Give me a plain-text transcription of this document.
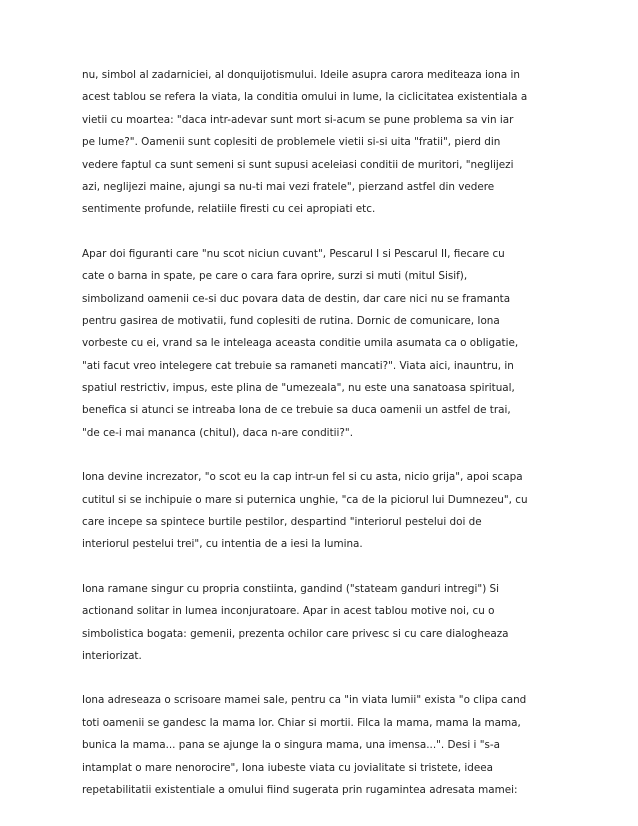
nu, simbol al zadarniciei, al donquijotismului. Ideile asupra carora mediteaza iona in
acest tablou se refera la viata, la conditia omului in lume, la ciclicitatea existentiala a
vietii cu moartea: "daca intr-adevar sunt mort si-acum se pune problema sa vin iar
pe lume?". Oamenii sunt coplesiti de problemele vietii si-si uita "fratii", pierd din
vedere faptul ca sunt semeni si sunt supusi aceleiasi conditii de muritori, "neglijezi
azi, neglijezi maine, ajungi sa nu-ti mai vezi fratele", pierzand astfel din vedere
sentimente profunde, relatiile firesti cu cei apropiati etc.

Apar doi figuranti care "nu scot niciun cuvant", Pescarul I si Pescarul II, fiecare cu
cate o barna in spate, pe care o cara fara oprire, surzi si muti (mitul Sisif),
simbolizand oamenii ce-si duc povara data de destin, dar care nici nu se framanta
pentru gasirea de motivatii, fund coplesiti de rutina. Dornic de comunicare, Iona
vorbeste cu ei, vrand sa le inteleaga aceasta conditie umila asumata ca o obligatie,
"ati facut vreo intelegere cat trebuie sa ramaneti mancati?". Viata aici, inauntru, in
spatiul restrictiv, impus, este plina de "umezeala", nu este una sanatoasa spiritual,
benefica si atunci se intreaba Iona de ce trebuie sa duca oamenii un astfel de trai,
"de ce-i mai mananca (chitul), daca n-are conditii?".

Iona devine increzator, "o scot eu la cap intr-un fel si cu asta, nicio grija", apoi scapa
cutitul si se inchipuie o mare si puternica unghie, "ca de la piciorul lui Dumnezeu", cu
care incepe sa spintece burtile pestilor, despartind "interiorul pestelui doi de
interiorul pestelui trei", cu intentia de a iesi la lumina.

Iona ramane singur cu propria constiinta, gandind ("stateam ganduri intregi") Si
actionand solitar in lumea inconjuratoare. Apar in acest tablou motive noi, cu o
simbolistica bogata: gemenii, prezenta ochilor care privesc si cu care dialogheaza
interiorizat.

Iona adreseaza o scrisoare mamei sale, pentru ca "in viata lumii" exista "o clipa cand
toti oamenii se gandesc la mama lor. Chiar si mortii. Filca la mama, mama la mama,
bunica la mama... pana se ajunge la o singura mama, una imensa...". Desi i "s-a
intamplat o mare nenorocire", Iona iubeste viata cu jovialitate si tristete, ideea
repetabilitatii existentiale a omului fiind sugerata prin rugamintea adresata mamei:
